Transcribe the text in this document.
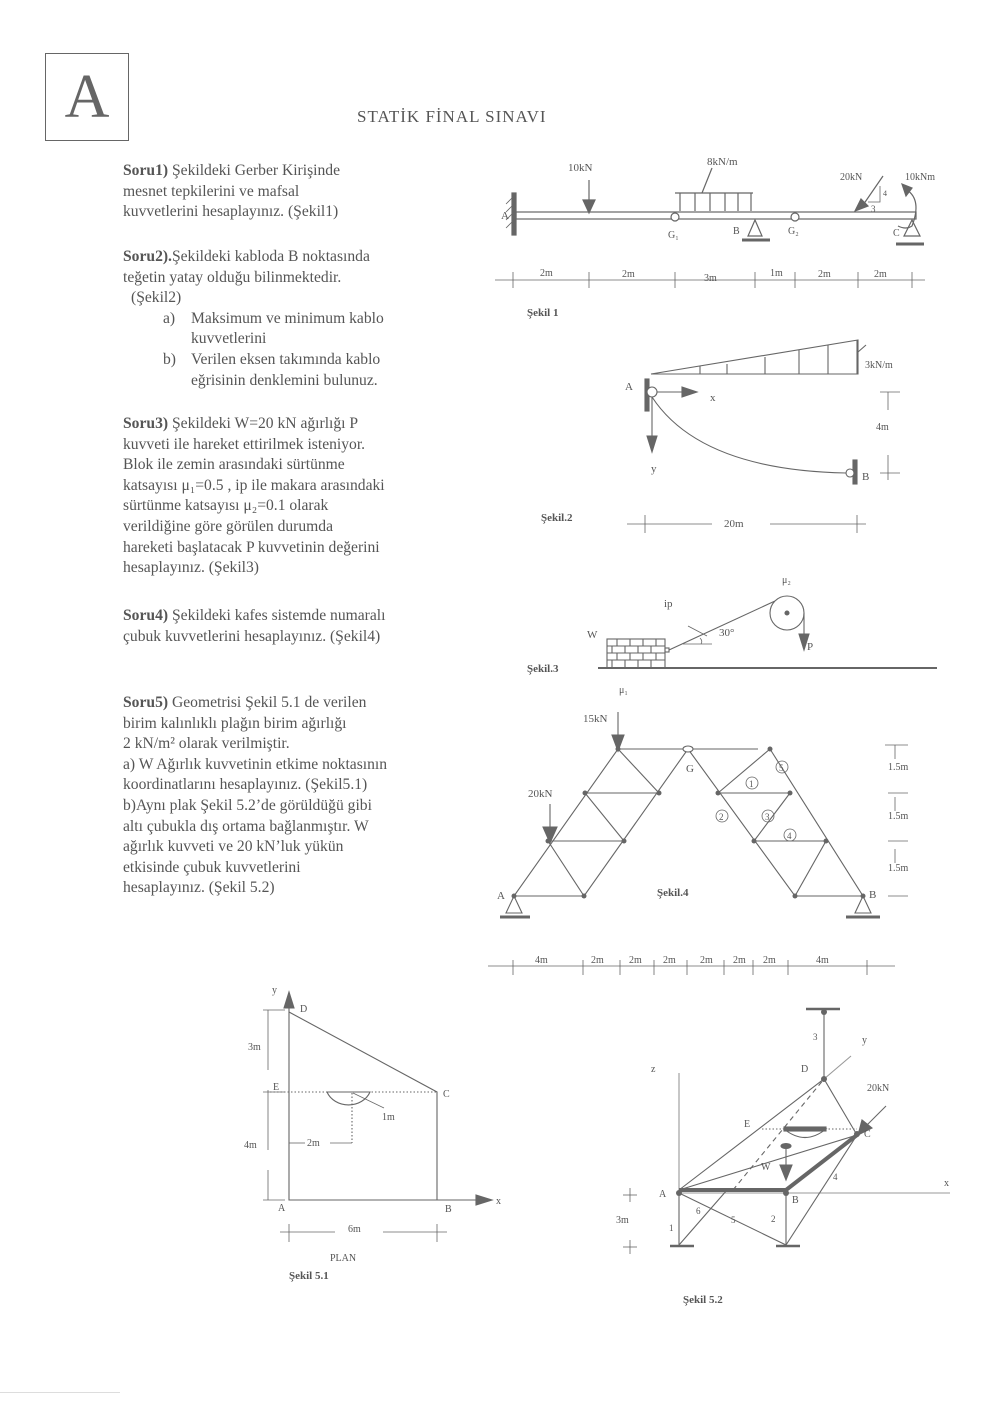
A	STATİK FİNAL SINAVI
Soru1) Şekildeki Gerber Kirişinde
mesnet tepkilerini ve mafsal
kuvvetlerini hesaplayınız. (Şekil1)
Soru2).Şekildeki kabloda B noktasında
teğetin yatay olduğu bilinmektedir.
(Şekil2)
a) Maksimum ve minimum kablo
kuvvetlerini
b) Verilen eksen takımında kablo
eğrisinin denklemini bulunuz.
Soru3) Şekildeki W=20 kN ağırlığı P
kuvveti ile hareket ettirilmek isteniyor.
Blok ile zemin arasındaki sürtünme
katsayısı μ₁=0.5 , ip ile makara arasındaki
sürtünme katsayısı μ₂=0.1 olarak
verildiğine göre görülen durumda
hareketi başlatacak P kuvvetinin değerini
hesaplayınız. (Şekil3)
Soru4) Şekildeki kafes sistemde numaralı
çubuk kuvvetlerini hesaplayınız. (Şekil4)
Soru5) Geometrisi Şekil 5.1 de verilen
birim kalınlıklı plağın birim ağırlığı
2 kN/m² olarak verilmiştir.
a) W Ağırlık kuvvetinin etkime noktasının
koordinatlarını hesaplayınız. (Şekil5.1)
b)Aynı plak Şekil 5.2’de görüldüğü gibi
altı çubukla dış ortama bağlanmıştır. W
ağırlık kuvveti ve 20 kN’luk yükün
etkisinde çubuk kuvvetlerini
hesaplayınız. (Şekil 5.2)
10kN	8kN/m
20kN	10kNm
4
3
A
G₁	B	G₂	C
2m	2m	3m	1m	2m	2m
Şekil 1
3kN/m
A
x
y
B
4m
20m
Şekil.2
μ₂
ip
W	30°
P
μ₁
Şekil.3
15kN
20kN
A	B
G
1
2	3
4
5	1.5m
1.5m
1.5m
4m	2m	2m 2m 2m 2m 2m	4m
Şekil.4
y
D
3m
E
C
1m
2m
4m
A	B
x
6m
PLAN
Şekil 5.1
z
y
x
D
20kN
E
C
W
A
B
3m
1
2
3
4
5
6
Şekil 5.2
